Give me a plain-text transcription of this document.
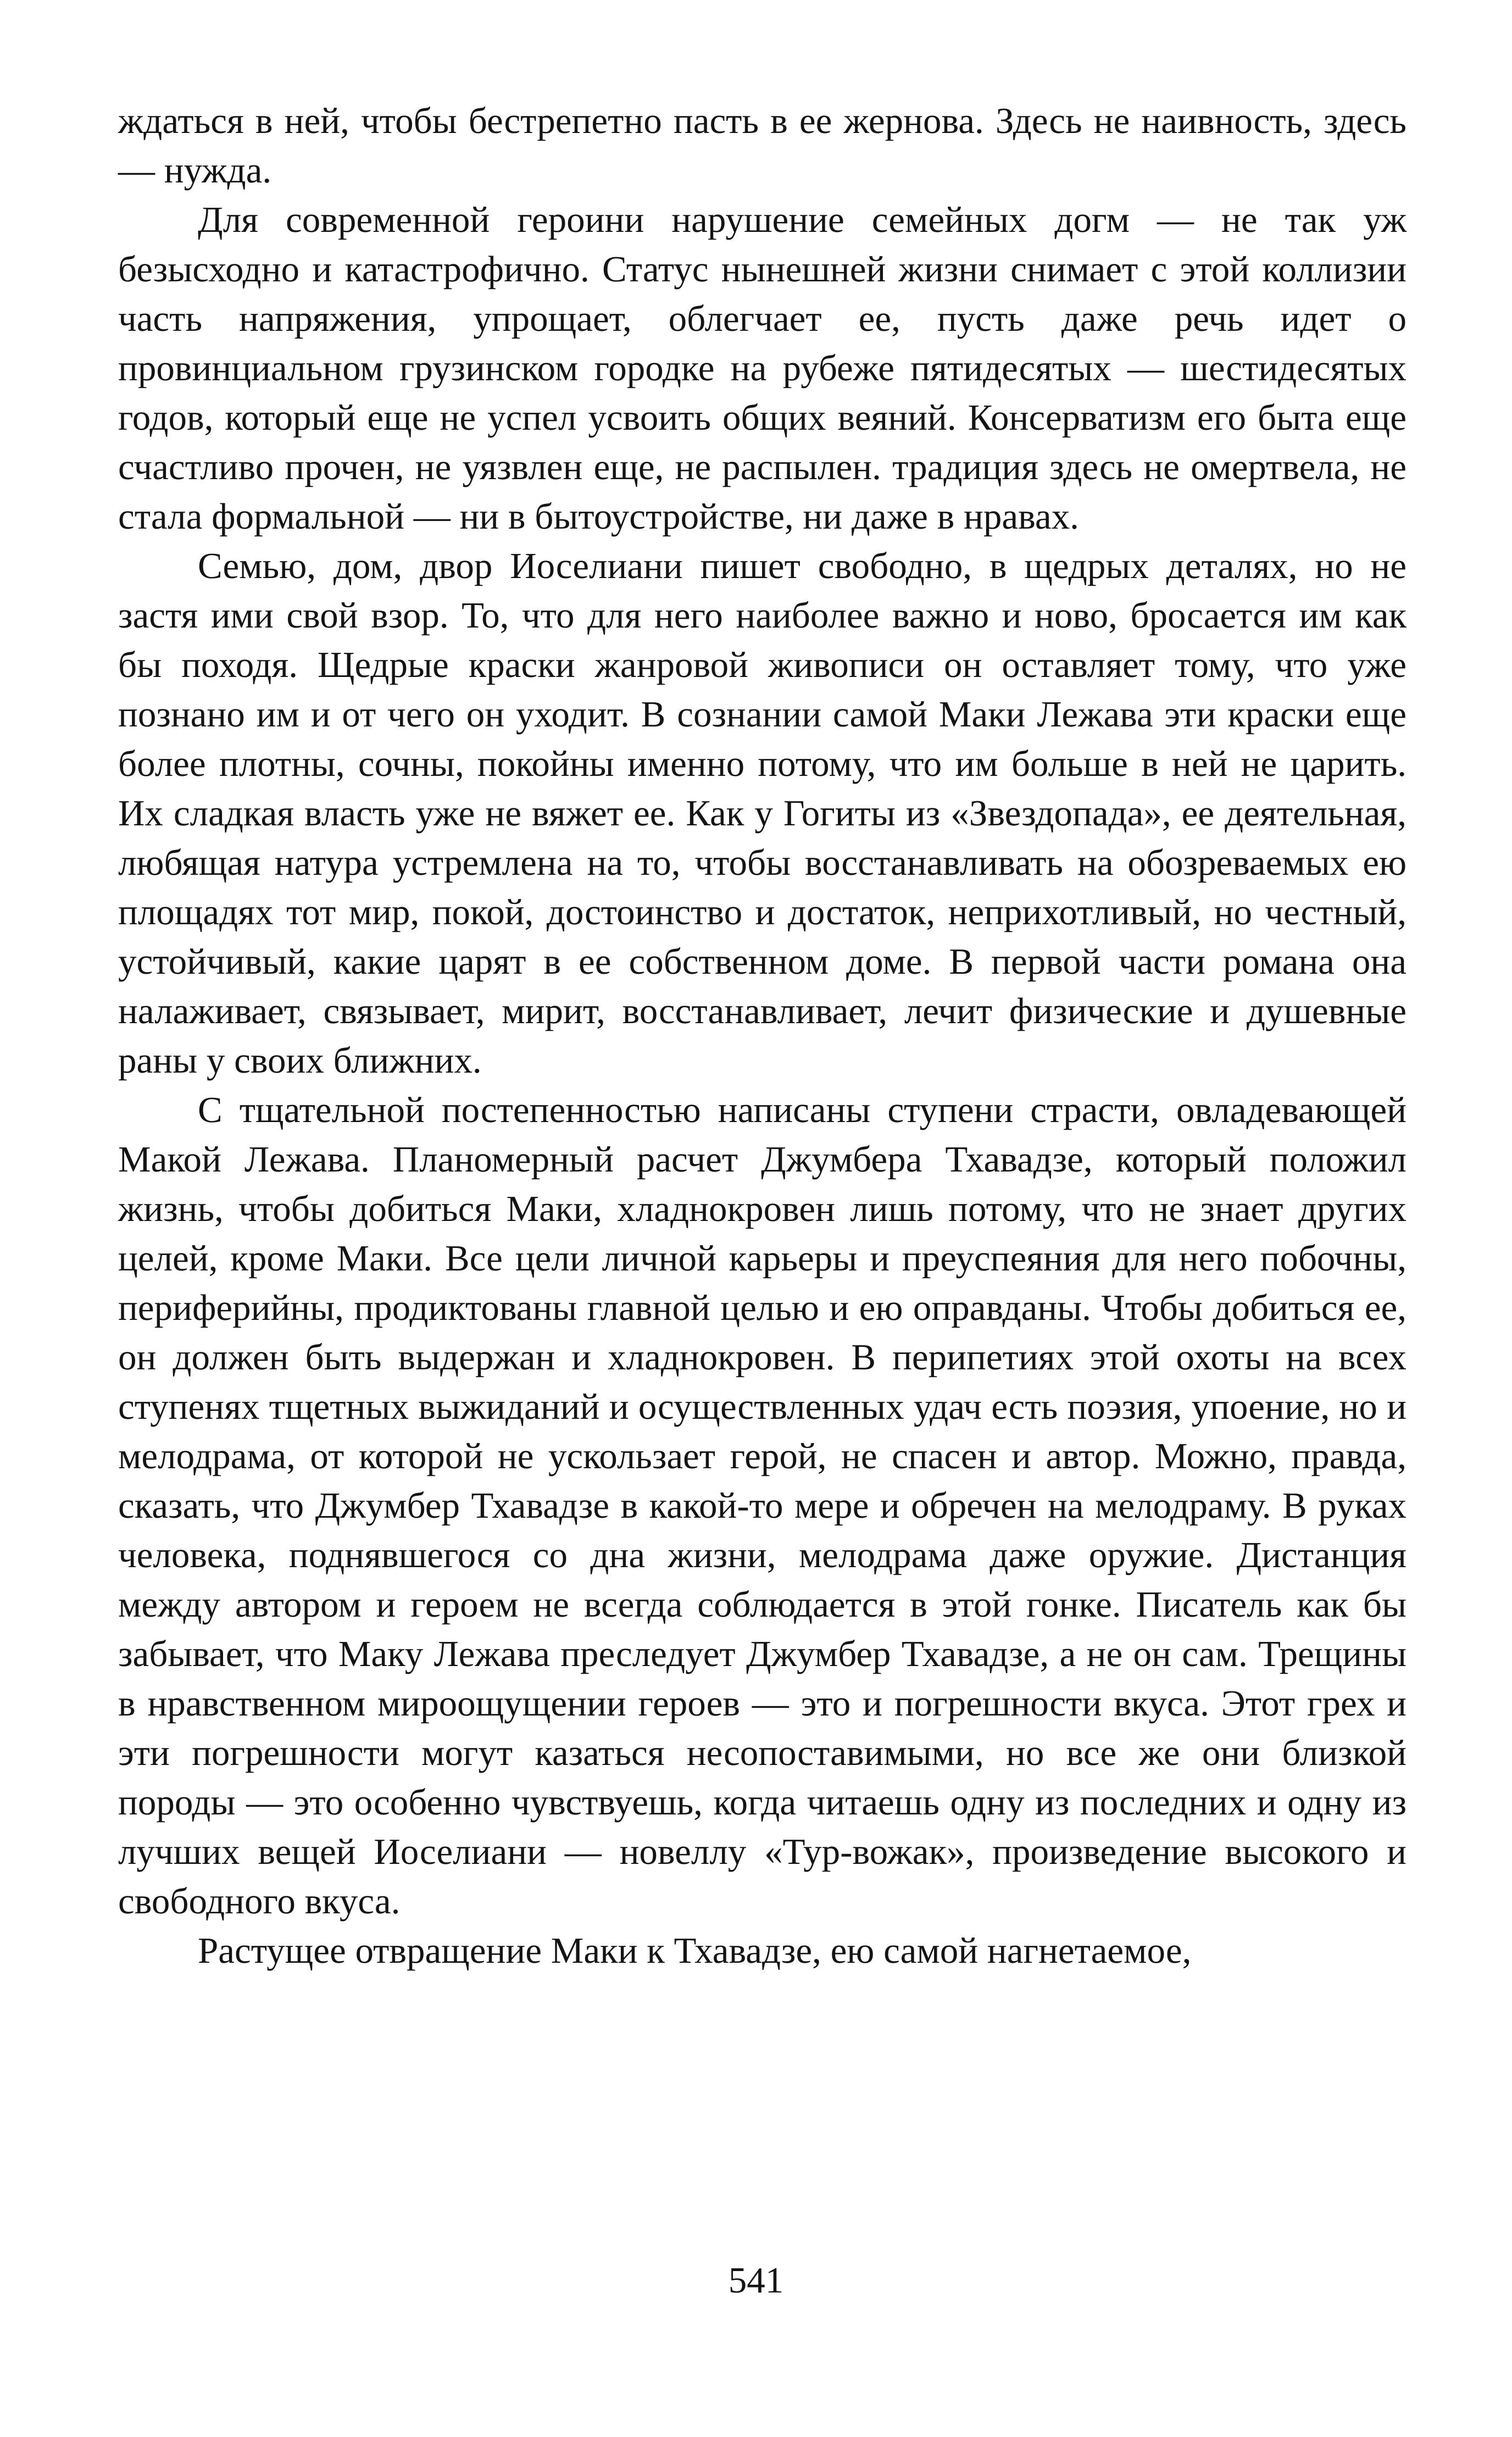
ждаться в ней, чтобы бестрепетно пасть в ее жернова. Здесь не наивность, здесь — нужда.

Для современной героини нарушение семейных догм — не так уж безысходно и катастрофично. Статус нынешней жизни снимает с этой коллизии часть напряжения, упрощает, облегчает ее, пусть даже речь идет о провинциальном грузинском городке на рубеже пятидесятых — шестидесятых годов, который еще не успел усвоить общих веяний. Консерватизм его быта еще счастливо прочен, не уязвлен еще, не распылен. традиция здесь не омертвела, не стала формальной — ни в бытоустройстве, ни даже в нравах.

Семью, дом, двор Иоселиани пишет свободно, в щедрых деталях, но не застя ими свой взор. То, что для него наиболее важно и ново, бросается им как бы походя. Щедрые краски жанровой живописи он оставляет тому, что уже познано им и от чего он уходит. В сознании самой Маки Лежава эти краски еще более плотны, сочны, покойны именно потому, что им больше в ней не царить. Их сладкая власть уже не вяжет ее. Как у Гогиты из «Звездопада», ее деятельная, любящая натура устремлена на то, чтобы восстанавливать на обозреваемых ею площадях тот мир, покой, достоинство и достаток, неприхотливый, но честный, устойчивый, какие царят в ее собственном доме. В первой части романа она налаживает, связывает, мирит, восстанавливает, лечит физические и душевные раны у своих ближних.

С тщательной постепенностью написаны ступени страсти, овладевающей Макой Лежава. Планомерный расчет Джумбера Тхавадзе, который положил жизнь, чтобы добиться Маки, хладнокровен лишь потому, что не знает других целей, кроме Маки. Все цели личной карьеры и преуспеяния для него побочны, периферийны, продиктованы главной целью и ею оправданы. Чтобы добиться ее, он должен быть выдержан и хладнокровен. В перипетиях этой охоты на всех ступенях тщетных выжиданий и осуществленных удач есть поэзия, упоение, но и мелодрама, от которой не ускользает герой, не спасен и автор. Можно, правда, сказать, что Джумбер Тхавадзе в какой-то мере и обречен на мелодраму. В руках человека, поднявшегося со дна жизни, мелодрама даже оружие. Дистанция между автором и героем не всегда соблюдается в этой гонке. Писатель как бы забывает, что Маку Лежава преследует Джумбер Тхавадзе, а не он сам. Трещины в нравственном мироощущении героев — это и погрешности вкуса. Этот грех и эти погрешности могут казаться несопоставимыми, но все же они близкой породы — это особенно чувствуешь, когда читаешь одну из последних и одну из лучших вещей Иоселиани — новеллу «Тур-вожак», произведение высокого и свободного вкуса.

Растущее отвращение Маки к Тхавадзе, ею самой нагнетаемое,

541
